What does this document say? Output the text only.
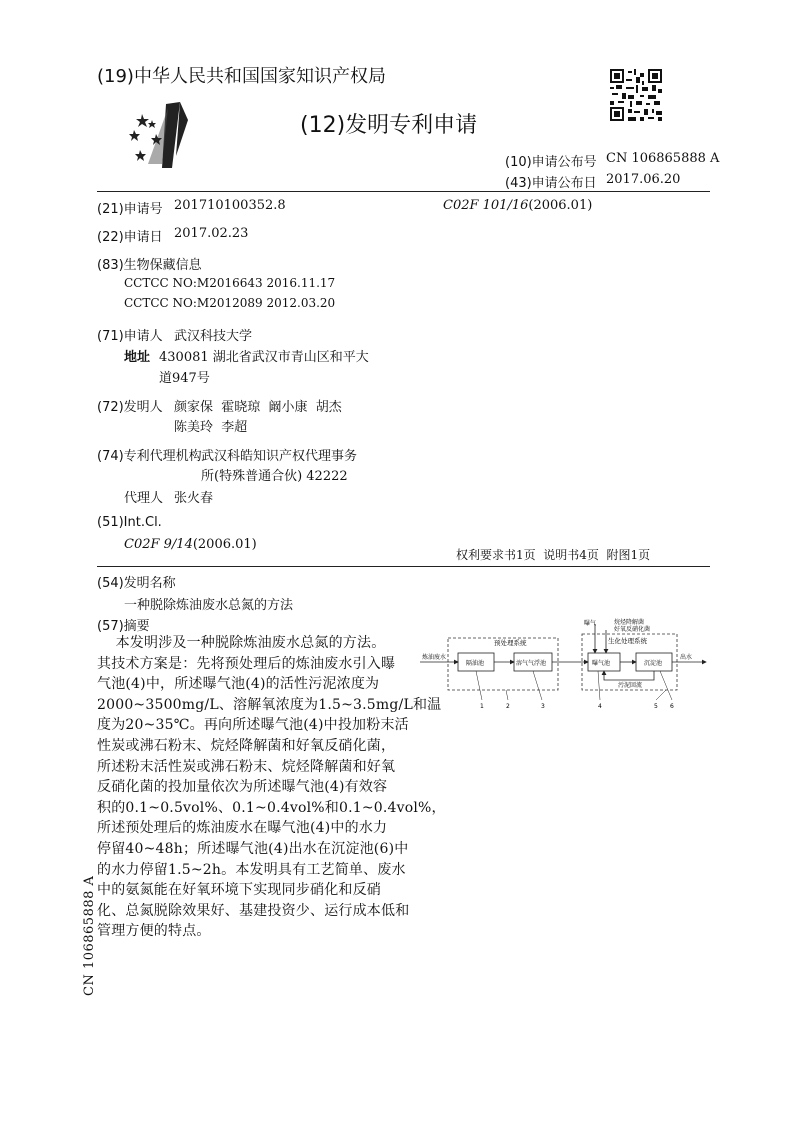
(19)中华人民共和国国家知识产权局
(12)发明专利申请
(10)申请公布号 CN 106865888 A
(43)申请公布日 2017.06.20
(21)申请号 201710100352.8	C02F 101/16(2006.01)
(22)申请日 2017.02.23
(83)生物保藏信息
CCTCC NO:M2016643 2016.11.17
CCTCC NO:M2012089 2012.03.20
(71)申请人 武汉科技大学
地址 430081 湖北省武汉市青山区和平大
道947号
(72)发明人 颜家保  霍晓琼  阚小康  胡杰
陈美玲  李超
(74)专利代理机构 武汉科皓知识产权代理事务
所(特殊普通合伙) 42222
代理人 张火春
(51)Int.Cl.
C02F 9/14(2006.01)
权利要求书1页  说明书4页  附图1页
(54)发明名称
一种脱除炼油废水总氮的方法
(57)摘要
本发明涉及一种脱除炼油废水总氮的方法。
其技术方案是：先将预处理后的炼油废水引入曝
气池(4)中，所述曝气池(4)的活性污泥浓度为
2000~3500mg/L、溶解氧浓度为1.5~3.5mg/L和温
度为20~35℃。再向所述曝气池(4)中投加粉末活
性炭或沸石粉末、烷烃降解菌和好氧反硝化菌，
所述粉末活性炭或沸石粉末、烷烃降解菌和好氧
反硝化菌的投加量依次为所述曝气池(4)有效容
积的0.1~0.5vol%、0.1~0.4vol%和0.1~0.4vol%，
所述预处理后的炼油废水在曝气池(4)中的水力
停留40~48h；所述曝气池(4)出水在沉淀池(6)中
的水力停留1.5~2h。本发明具有工艺简单、废水
中的氨氮能在好氧环境下实现同步硝化和反硝
化、总氮脱除效果好、基建投资少、运行成本低和
管理方便的特点。
炼油废水
预处理系统
隔油池	溶气气浮池
曝气	烷烃降解菌
好氧反硝化菌
生化处理系统
曝气池	沉淀池
出水
污泥回流
1	2	3	4	5 6
CN 106865888 A
